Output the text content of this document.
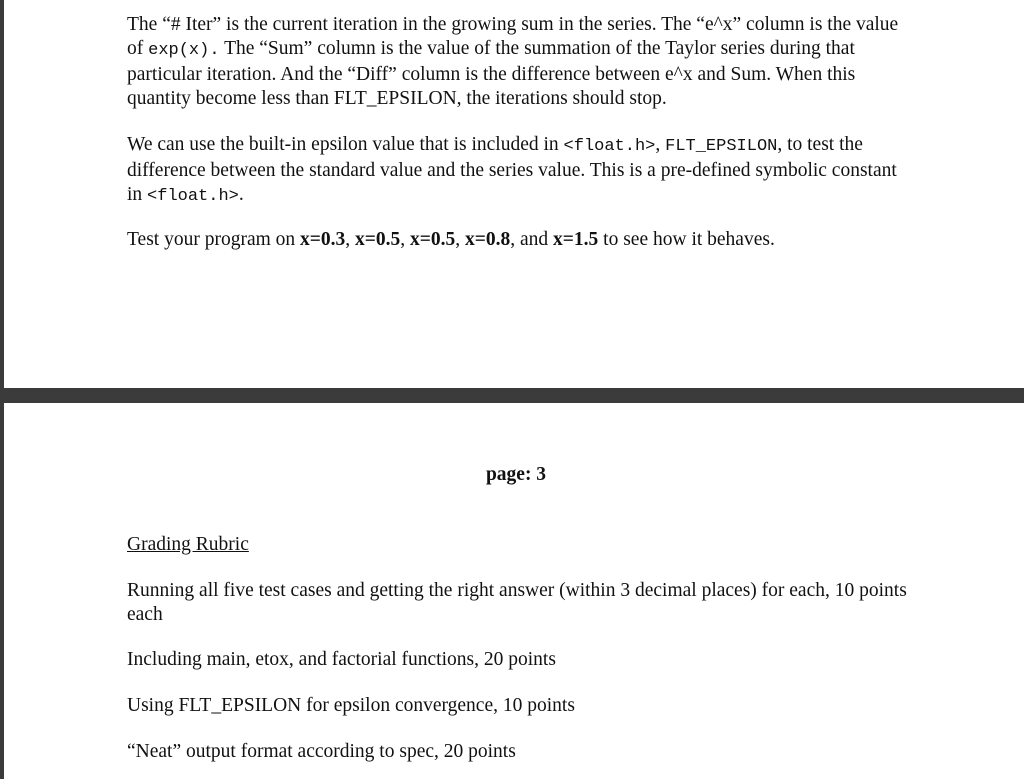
The “# Iter” is the current iteration in the growing sum in the series. The “e^x” column is the value of exp(x). The “Sum” column is the value of the summation of the Taylor series during that particular iteration. And the “Diff” column is the difference between e^x and Sum. When this quantity become less than FLT_EPSILON, the iterations should stop.

We can use the built-in epsilon value that is included in <float.h>, FLT_EPSILON, to test the difference between the standard value and the series value. This is a pre-defined symbolic constant in <float.h>.

Test your program on x=0.3, x=0.5, x=0.5, x=0.8, and x=1.5 to see how it behaves.

page: 3

Grading Rubric

Running all five test cases and getting the right answer (within 3 decimal places) for each, 10 points each

Including main, etox, and factorial functions, 20 points

Using FLT_EPSILON for epsilon convergence, 10 points

“Neat” output format according to spec, 20 points
